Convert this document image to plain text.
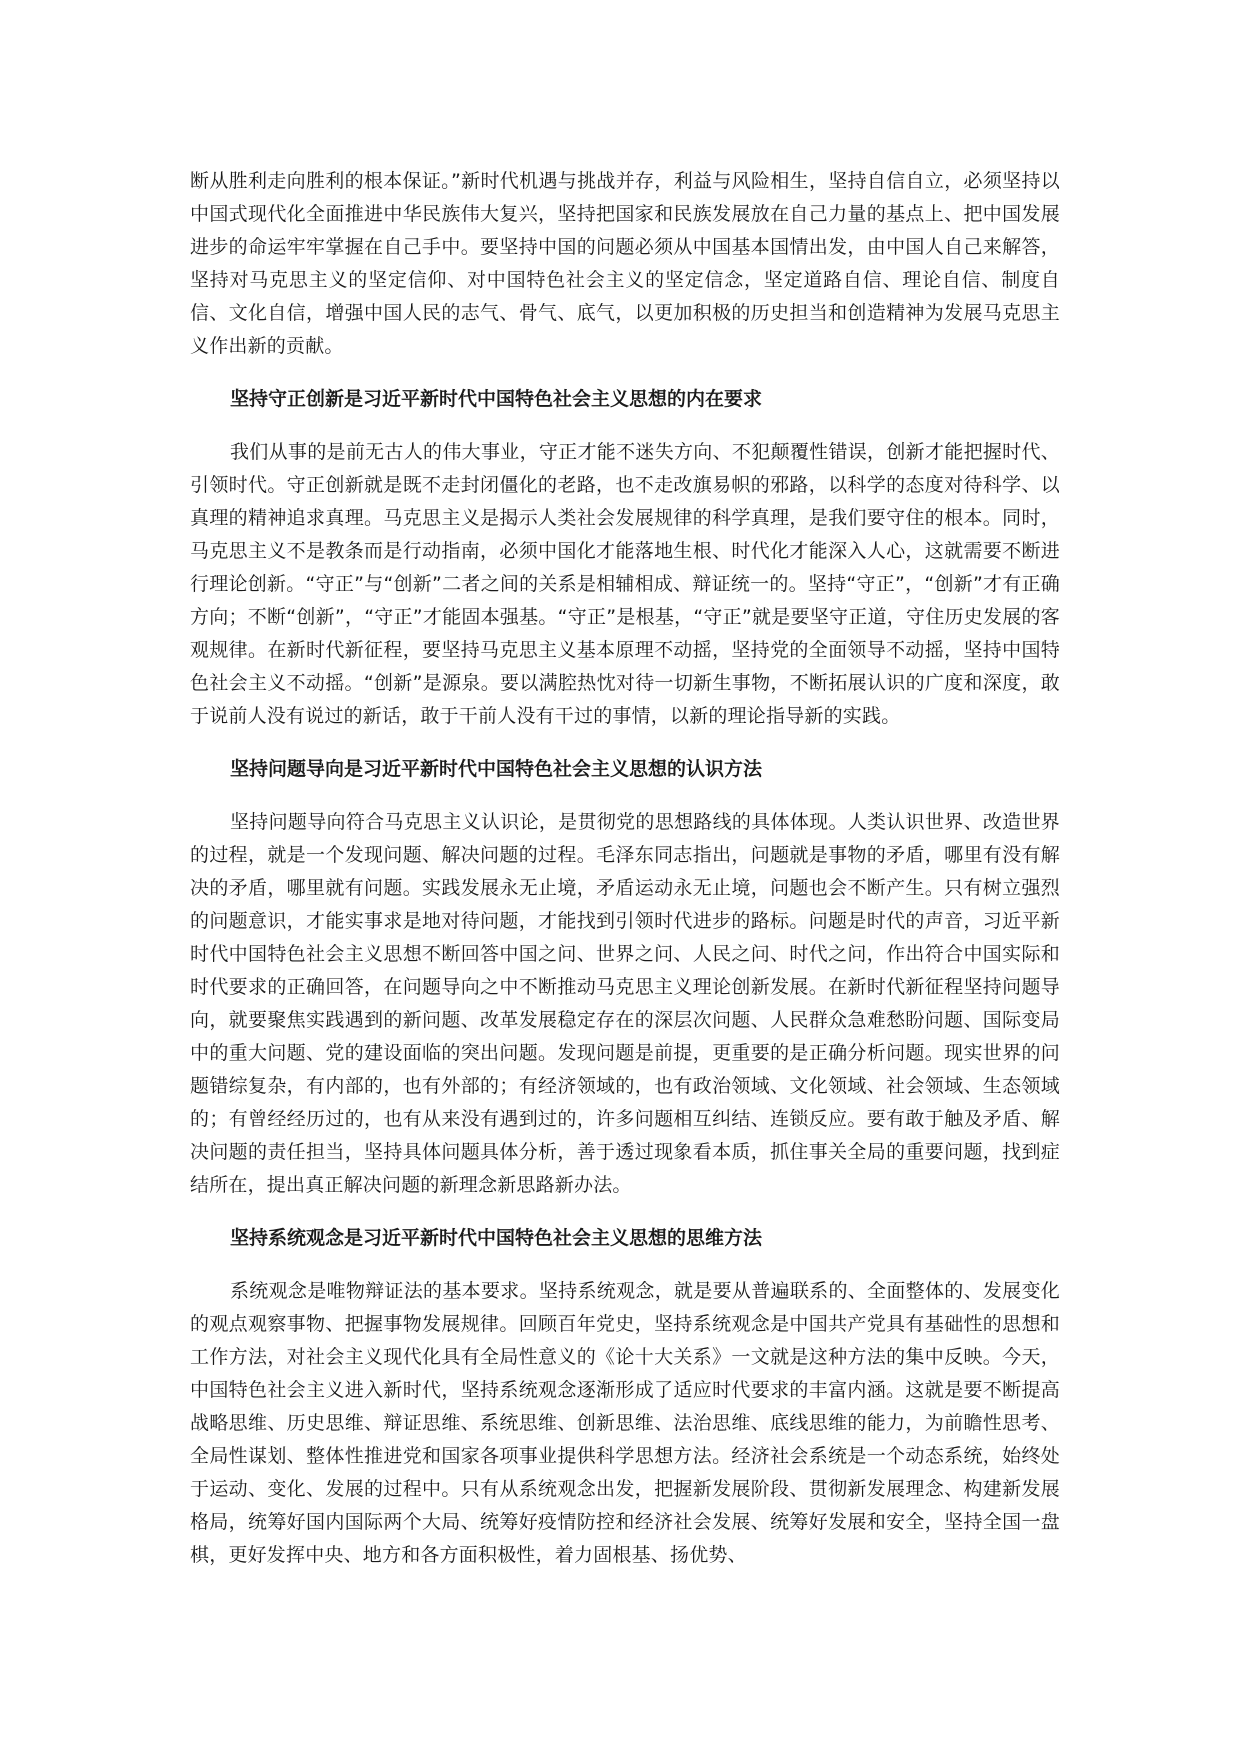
断从胜利走向胜利的根本保证。”新时代机遇与挑战并存，利益与风险相生，坚持自信自立，必须坚持以中国式现代化全面推进中华民族伟大复兴，坚持把国家和民族发展放在自己力量的基点上、把中国发展进步的命运牢牢掌握在自己手中。要坚持中国的问题必须从中国基本国情出发，由中国人自己来解答，坚持对马克思主义的坚定信仰、对中国特色社会主义的坚定信念，坚定道路自信、理论自信、制度自信、文化自信，增强中国人民的志气、骨气、底气，以更加积极的历史担当和创造精神为发展马克思主义作出新的贡献。

坚持守正创新是习近平新时代中国特色社会主义思想的内在要求

我们从事的是前无古人的伟大事业，守正才能不迷失方向、不犯颠覆性错误，创新才能把握时代、引领时代。守正创新就是既不走封闭僵化的老路，也不走改旗易帜的邪路，以科学的态度对待科学、以真理的精神追求真理。马克思主义是揭示人类社会发展规律的科学真理，是我们要守住的根本。同时，马克思主义不是教条而是行动指南，必须中国化才能落地生根、时代化才能深入人心，这就需要不断进行理论创新。“守正”与“创新”二者之间的关系是相辅相成、辩证统一的。坚持“守正”，“创新”才有正确方向；不断“创新”，“守正”才能固本强基。“守正”是根基，“守正”就是要坚守正道，守住历史发展的客观规律。在新时代新征程，要坚持马克思主义基本原理不动摇，坚持党的全面领导不动摇，坚持中国特色社会主义不动摇。“创新”是源泉。要以满腔热忱对待一切新生事物，不断拓展认识的广度和深度，敢于说前人没有说过的新话，敢于干前人没有干过的事情，以新的理论指导新的实践。

坚持问题导向是习近平新时代中国特色社会主义思想的认识方法

坚持问题导向符合马克思主义认识论，是贯彻党的思想路线的具体体现。人类认识世界、改造世界的过程，就是一个发现问题、解决问题的过程。毛泽东同志指出，问题就是事物的矛盾，哪里有没有解决的矛盾，哪里就有问题。实践发展永无止境，矛盾运动永无止境，问题也会不断产生。只有树立强烈的问题意识，才能实事求是地对待问题，才能找到引领时代进步的路标。问题是时代的声音，习近平新时代中国特色社会主义思想不断回答中国之问、世界之问、人民之问、时代之问，作出符合中国实际和时代要求的正确回答，在问题导向之中不断推动马克思主义理论创新发展。在新时代新征程坚持问题导向，就要聚焦实践遇到的新问题、改革发展稳定存在的深层次问题、人民群众急难愁盼问题、国际变局中的重大问题、党的建设面临的突出问题。发现问题是前提，更重要的是正确分析问题。现实世界的问题错综复杂，有内部的，也有外部的；有经济领域的，也有政治领域、文化领域、社会领域、生态领域的；有曾经经历过的，也有从来没有遇到过的，许多问题相互纠结、连锁反应。要有敢于触及矛盾、解决问题的责任担当，坚持具体问题具体分析，善于透过现象看本质，抓住事关全局的重要问题，找到症结所在，提出真正解决问题的新理念新思路新办法。

坚持系统观念是习近平新时代中国特色社会主义思想的思维方法

系统观念是唯物辩证法的基本要求。坚持系统观念，就是要从普遍联系的、全面整体的、发展变化的观点观察事物、把握事物发展规律。回顾百年党史，坚持系统观念是中国共产党具有基础性的思想和工作方法，对社会主义现代化具有全局性意义的《论十大关系》一文就是这种方法的集中反映。今天，中国特色社会主义进入新时代，坚持系统观念逐渐形成了适应时代要求的丰富内涵。这就是要不断提高战略思维、历史思维、辩证思维、系统思维、创新思维、法治思维、底线思维的能力，为前瞻性思考、全局性谋划、整体性推进党和国家各项事业提供科学思想方法。经济社会系统是一个动态系统，始终处于运动、变化、发展的过程中。只有从系统观念出发，把握新发展阶段、贯彻新发展理念、构建新发展格局，统筹好国内国际两个大局、统筹好疫情防控和经济社会发展、统筹好发展和安全，坚持全国一盘棋，更好发挥中央、地方和各方面积极性，着力固根基、扬优势、
